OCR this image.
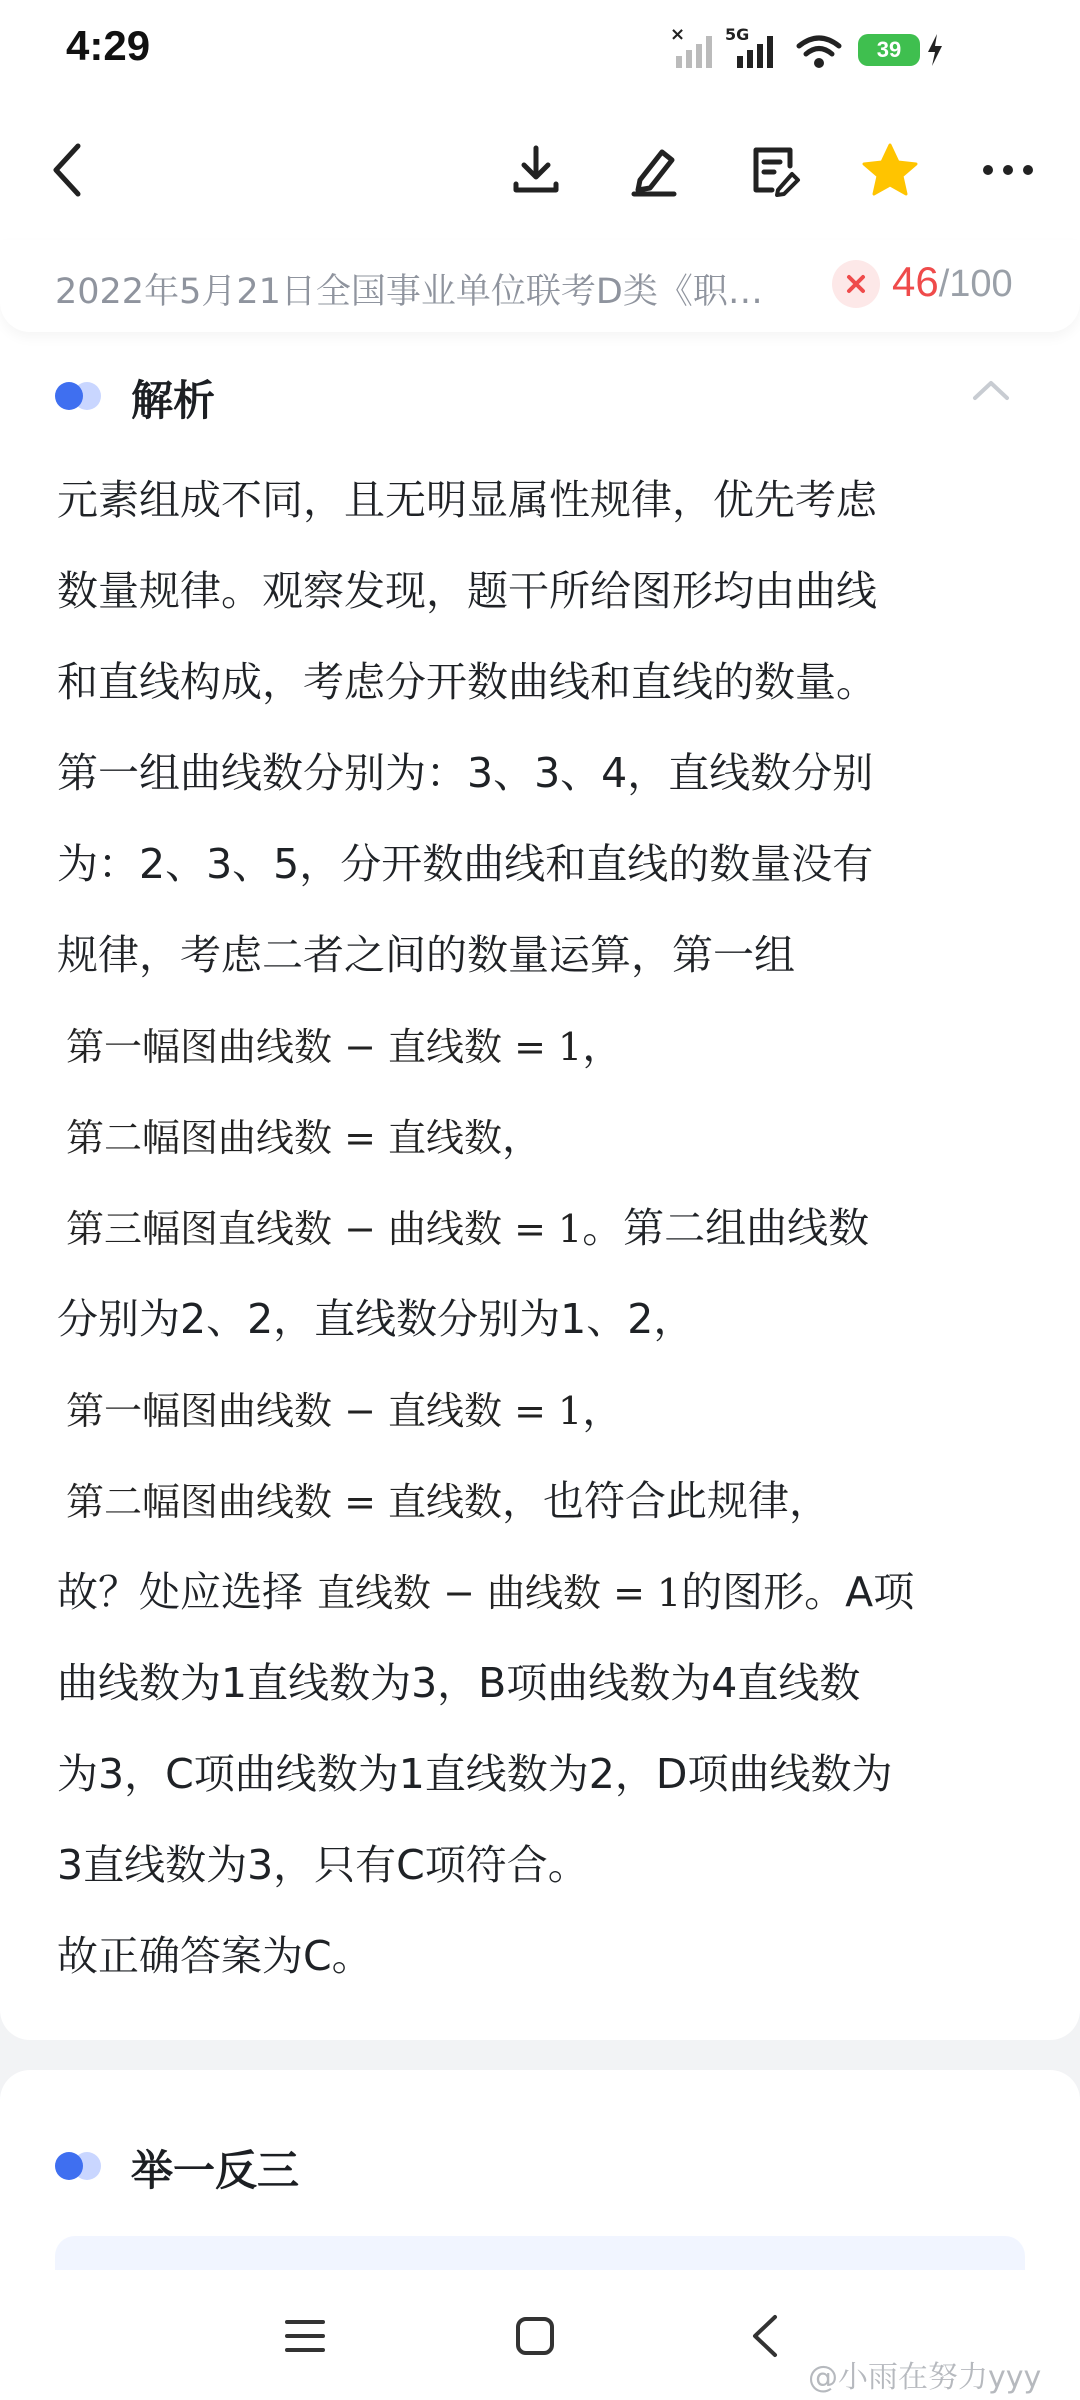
4:29	× 5G
39
解析
元素组成不同，且无明显属性规律，优先考虑
数量规律。观察发现，题干所给图形均由曲线
和直线构成，考虑分开数曲线和直线的数量。
第一组曲线数分别为：3、3、4，直线数分别
为：2、3、5，分开数曲线和直线的数量没有
规律，考虑二者之间的数量运算，第一组
第一幅图曲线数 − 直线数 = 1，
第二幅图曲线数 = 直线数，
第三幅图直线数 − 曲线数 = 1。第二组曲线数
分别为2、2，直线数分别为1、2，
第一幅图曲线数 − 直线数 = 1，
第二幅图曲线数 = 直线数，也符合此规律，
故？处应选择 直线数 − 曲线数 = 1的图形。A项
曲线数为1直线数为3，B项曲线数为4直线数
为3，C项曲线数为1直线数为2，D项曲线数为
3直线数为3，只有C项符合。
故正确答案为C。
2022年5月21日全国事业单位联考D类《职…	46/100
举一反三
@小雨在努力yyy
